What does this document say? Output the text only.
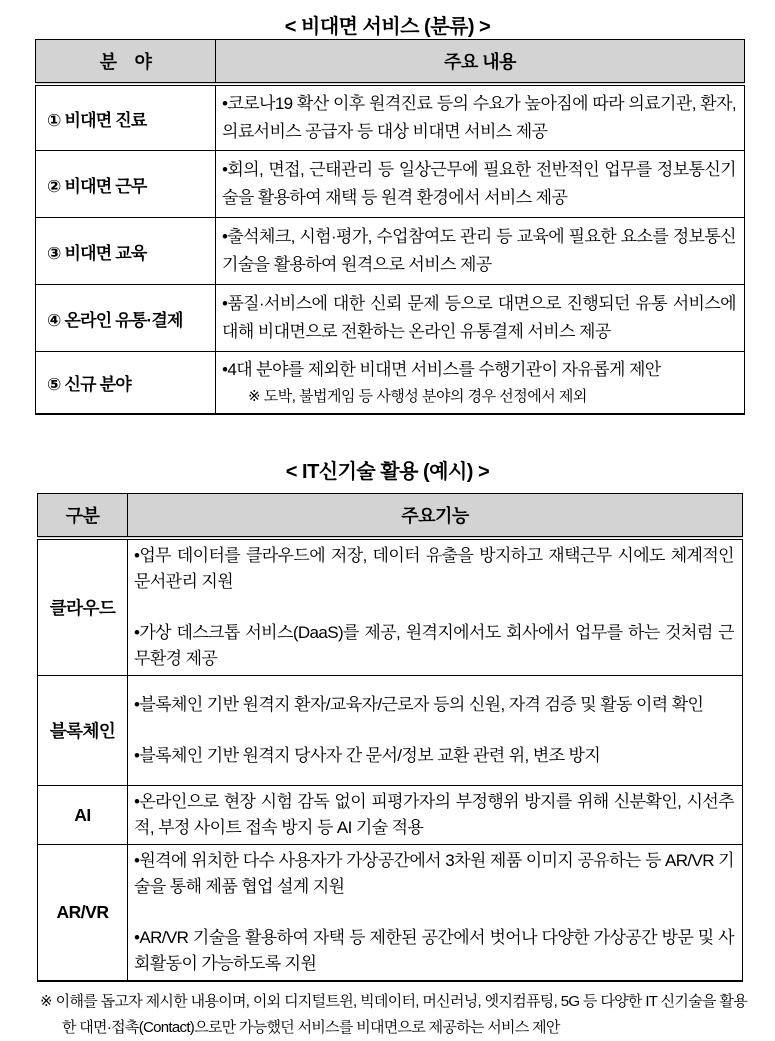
< 비대면 서비스 (분류) >

분    야	주요 내용
① 비대면 진료	•코로나19 확산 이후 원격진료 등의 수요가 높아짐에 따라 의료기관, 환자, 의료서비스 공급자 등 대상 비대면 서비스 제공

② 비대면 근무	•회의, 면접, 근태관리 등 일상근무에 필요한 전반적인 업무를 정보통신기술을 활용하여 재택 등 원격 환경에서 서비스 제공

③ 비대면 교육	•출석체크, 시험·평가, 수업참여도 관리 등 교육에 필요한 요소를 정보통신기술을 활용하여 원격으로 서비스 제공

④ 온라인 유통·결제	•품질·서비스에 대한 신뢰 문제 등으로 대면으로 진행되던 유통 서비스에 대해 비대면으로 전환하는 온라인 유통결제 서비스 제공

⑤ 신규 분야	•4대 분야를 제외한 비대면 서비스를 수행기관이 자유롭게 제안

※ 도박, 불법게임 등 사행성 분야의 경우 선정에서 제외

< IT신기술 활용 (예시) >

구분	주요기능
클라우드	•업무 데이터를 클라우드에 저장, 데이터 유출을 방지하고 재택근무 시에도 체계적인 문서관리 지원

•가상 데스크톱 서비스(DaaS)를 제공, 원격지에서도 회사에서 업무를 하는 것처럼 근무환경 제공

블록체인	•블록체인 기반 원격지 환자/교육자/근로자 등의 신원, 자격 검증 및 활동 이력 확인

•블록체인 기반 원격지 당사자 간 문서/정보 교환 관련 위, 변조 방지

AI	•온라인으로 현장 시험 감독 없이 피평가자의 부정행위 방지를 위해 신분확인, 시선추적, 부정 사이트 접속 방지 등 AI 기술 적용

AR/VR	•원격에 위치한 다수 사용자가 가상공간에서 3차원 제품 이미지 공유하는 등 AR/VR 기술을 통해 제품 협업 설계 지원

•AR/VR 기술을 활용하여 자택 등 제한된 공간에서 벗어나 다양한 가상공간 방문 및 사회활동이 가능하도록 지원

※ 이해를 돕고자 제시한 내용이며, 이외 디지털트윈, 빅데이터, 머신러닝, 엣지컴퓨팅, 5G 등 다양한 IT 신기술을 활용한 대면·접촉(Contact)으로만 가능했던 서비스를 비대면으로 제공하는 서비스 제안
